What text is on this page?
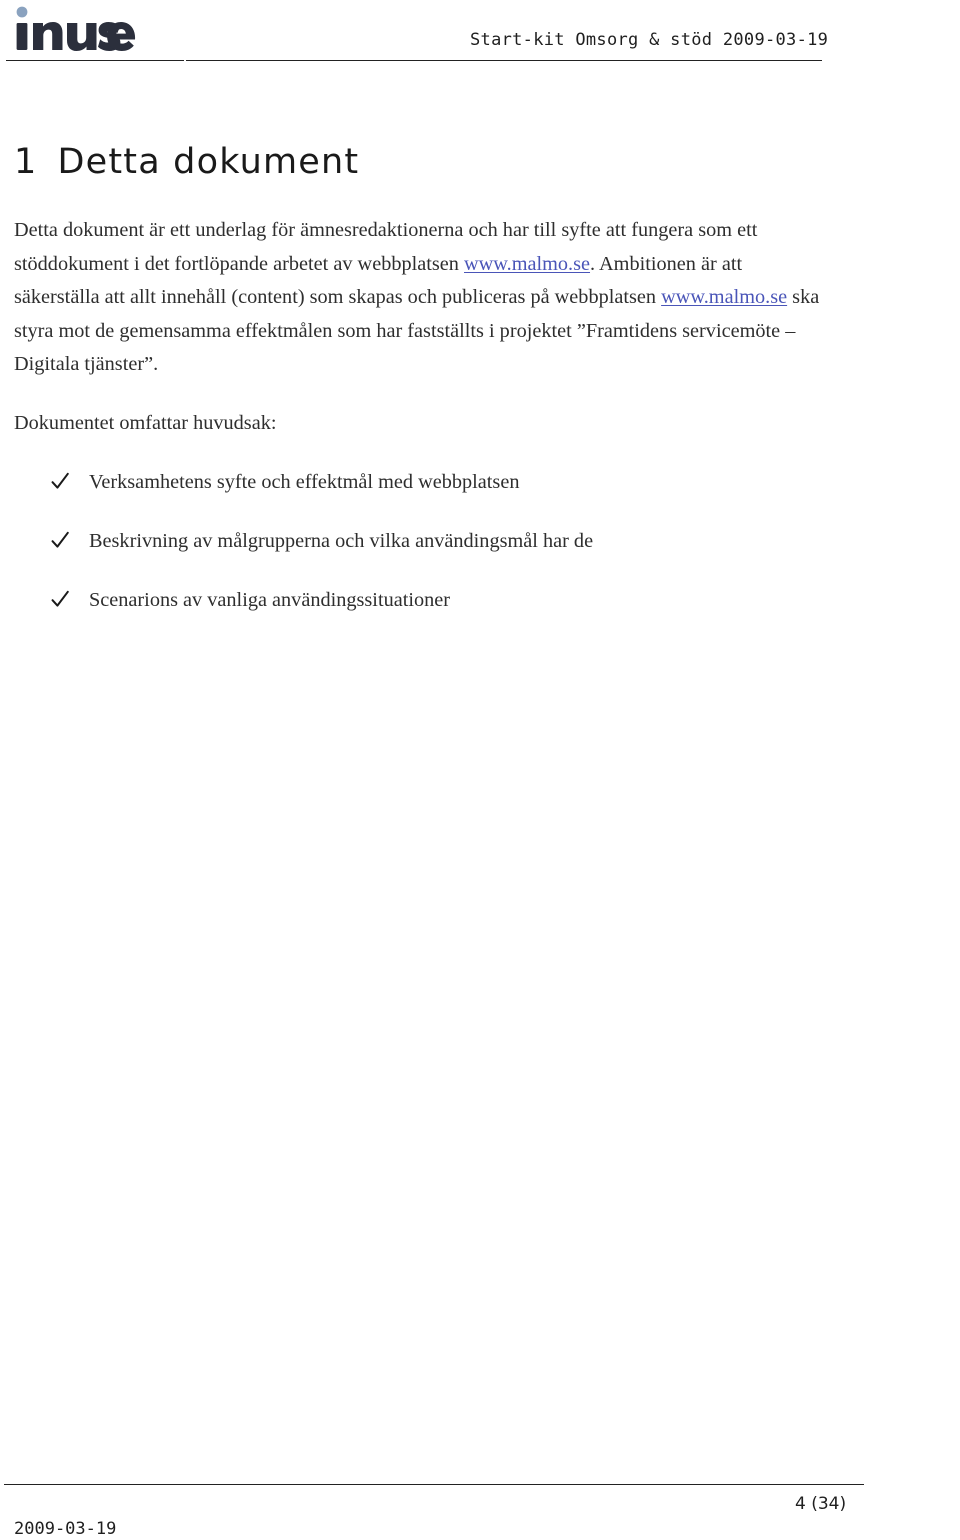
Start-kit Omsorg & stöd 2009-03-19
1 Detta dokument

Detta dokument är ett underlag för ämnesredaktionerna och har till syfte att fungera som ett
stöddokument i det fortlöpande arbetet av webbplatsen www.malmo.se. Ambitionen är att
säkerställa att allt innehåll (content) som skapas och publiceras på webbplatsen www.malmo.se ska
styra mot de gemensamma effektmålen som har fastställts i projektet ”Framtidens servicemöte –
Digitala tjänster”.

Dokumentet omfattar huvudsak:

Verksamhetens syfte och effektmål med webbplatsen
Beskrivning av målgrupperna och vilka användingsmål har de
Scenarions av vanliga användingssituationer
4 (34)
2009-03-19
